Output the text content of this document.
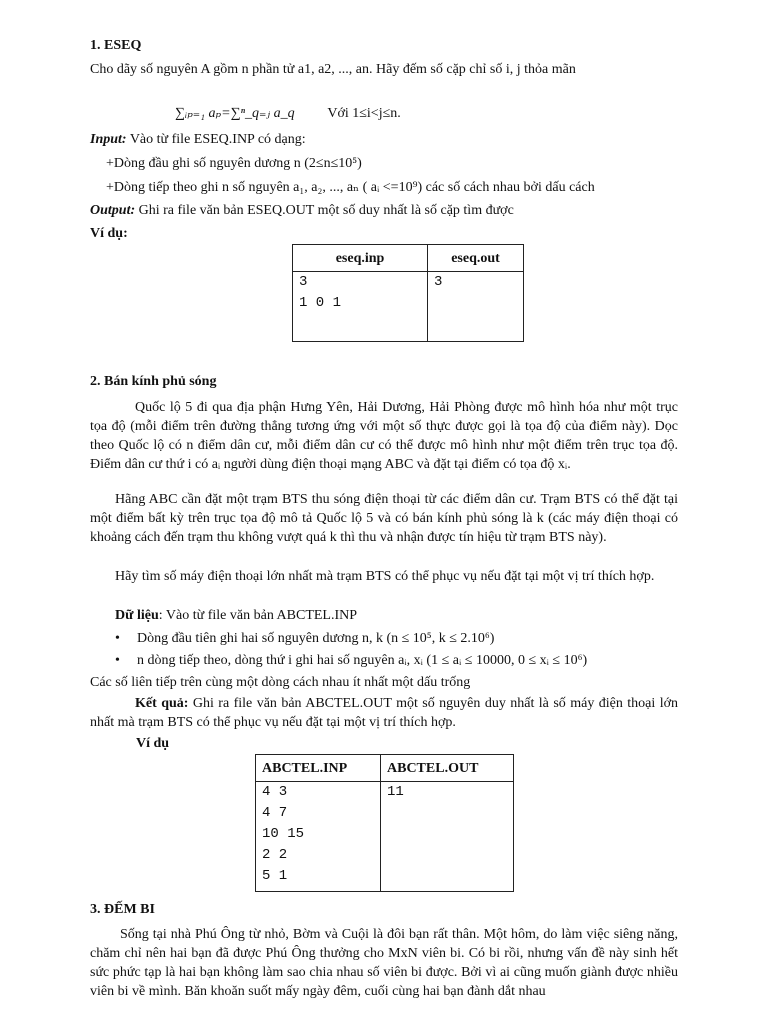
1. ESEQ
Cho dãy số nguyên A gồm n phần tử a1, a2, ..., an. Hãy đếm số cặp chỉ số i, j thỏa mãn
∑ᵢₚ₌₁ aₚ=∑ⁿ_q₌ⱼ a_q Với 1≤i<j≤n.
Input: Vào từ file ESEQ.INP có dạng:
+Dòng đầu ghi số nguyên dương n (2≤n≤10⁵)
+Dòng tiếp theo ghi n số nguyên a₁, a₂, ..., aₙ ( aᵢ <=10⁹) các số cách nhau bởi dấu cách
Output: Ghi ra file văn bản ESEQ.OUT một số duy nhất là số cặp tìm được
Ví dụ:
eseq.inp	eseq.out

3
1 0 1	3
2. Bán kính phủ sóng
Quốc lộ 5 đi qua địa phận Hưng Yên, Hải Dương, Hải Phòng được mô hình hóa như một trục tọa độ (mỗi điểm trên đường thẳng tương ứng với một số thực được gọi là tọa độ của điểm này). Dọc theo Quốc lộ có n điểm dân cư, mỗi điểm dân cư có thể được mô hình như một điểm trên trục tọa độ. Điểm dân cư thứ i có aᵢ người dùng điện thoại mạng ABC và đặt tại điểm có tọa độ xᵢ.
Hãng ABC cần đặt một trạm BTS thu sóng điện thoại từ các điểm dân cư. Trạm BTS có thể đặt tại một điểm bất kỳ trên trục tọa độ mô tả Quốc lộ 5 và có bán kính phủ sóng là k (các máy điện thoại có khoảng cách đến trạm thu không vượt quá k thì thu và nhận được tín hiệu từ trạm BTS này).
Hãy tìm số máy điện thoại lớn nhất mà trạm BTS có thể phục vụ nếu đặt tại một vị trí thích hợp.
Dữ liệu: Vào từ file văn bản ABCTEL.INP
• Dòng đầu tiên ghi hai số nguyên dương n, k (n ≤ 10⁵, k ≤ 2.10⁶)
• n dòng tiếp theo, dòng thứ i ghi hai số nguyên aᵢ, xᵢ (1 ≤ aᵢ ≤ 10000, 0 ≤ xᵢ ≤ 10⁶)
Các số liên tiếp trên cùng một dòng cách nhau ít nhất một dấu trống
Kết quả: Ghi ra file văn bản ABCTEL.OUT một số nguyên duy nhất là số máy điện thoại lớn nhất mà trạm BTS có thể phục vụ nếu đặt tại một vị trí thích hợp.
Ví dụ
ABCTEL.INP	ABCTEL.OUT

4 3
4 7
10 15
2 2
5 1	11
3. ĐẾM BI
Sống tại nhà Phú Ông từ nhỏ, Bờm và Cuội là đôi bạn rất thân. Một hôm, do làm việc siêng năng, chăm chỉ nên hai bạn đã được Phú Ông thưởng cho MxN viên bi. Có bi rồi, nhưng vấn đề này sinh hết sức phức tạp là hai bạn không làm sao chia nhau số viên bi được. Bởi vì ai cũng muốn giành được nhiều viên bi về mình. Băn khoăn suốt mấy ngày đêm, cuối cùng hai bạn đành dắt nhau
